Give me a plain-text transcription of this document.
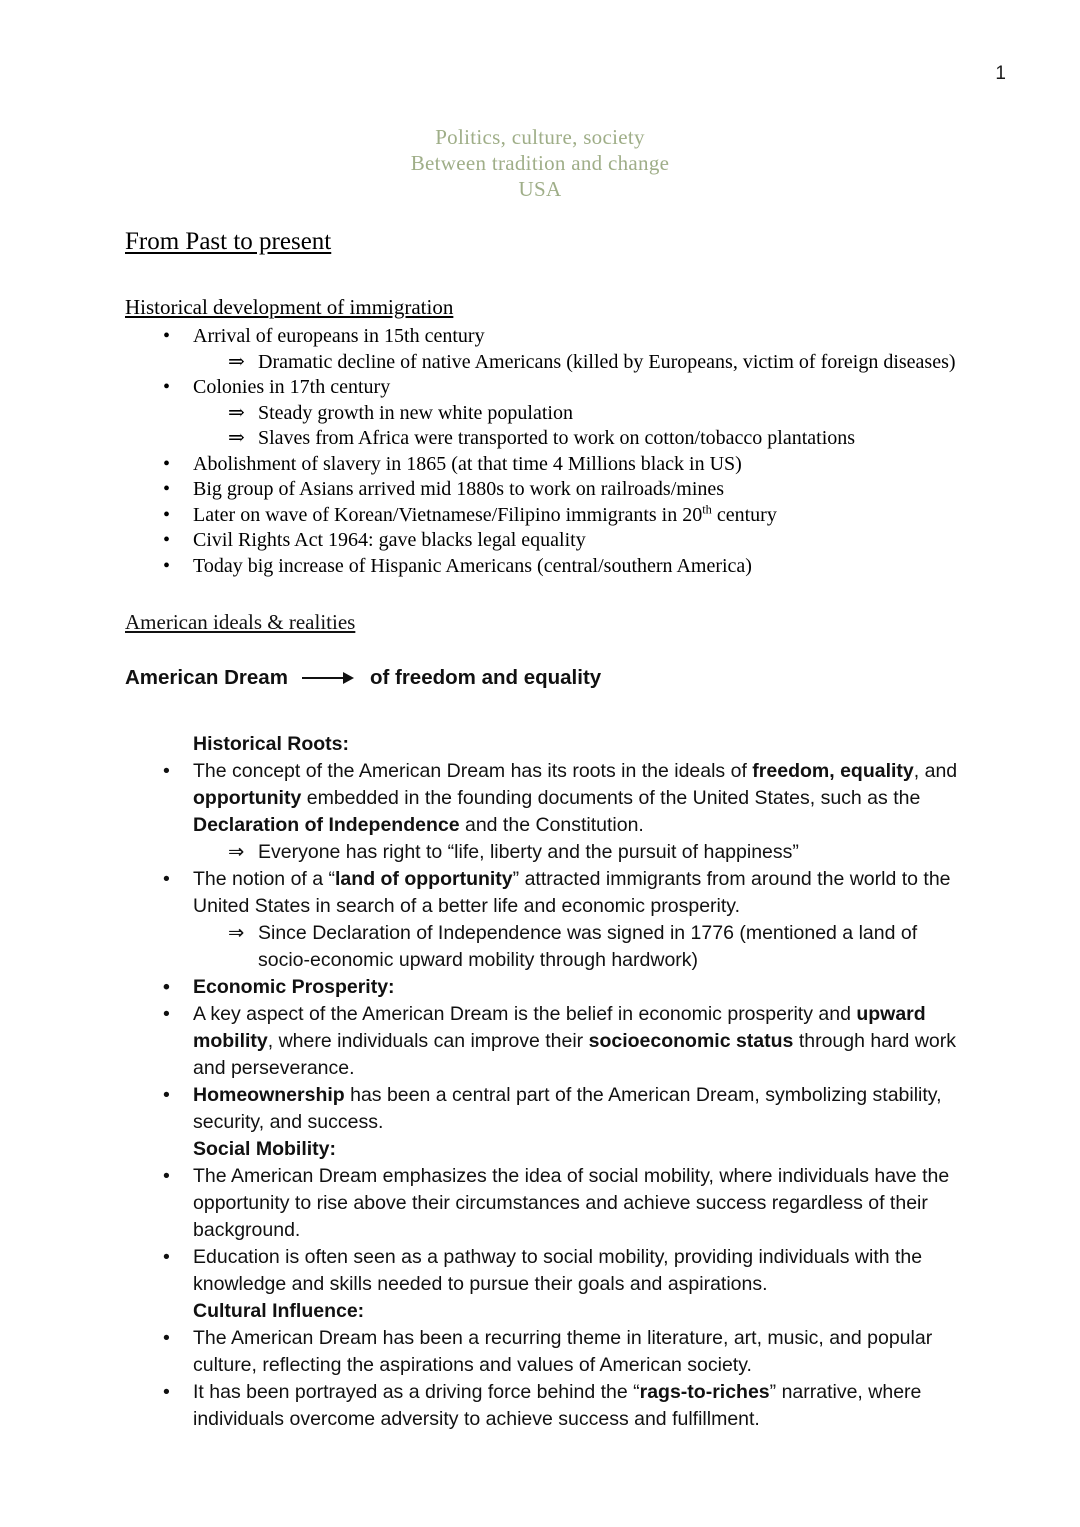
1
Politics, culture, society
Between tradition and change
USA
From Past to present
Historical development of immigration
• Arrival of europeans in 15th century
⇒ Dramatic decline of native Americans (killed by Europeans, victim of foreign diseases)
• Colonies in 17th century
⇒ Steady growth in new white population
⇒ Slaves from Africa were transported to work on cotton/tobacco plantations
• Abolishment of slavery in 1865 (at that time 4 Millions black in US)
• Big group of Asians arrived mid 1880s to work on railroads/mines
• Later on wave of Korean/Vietnamese/Filipino immigrants in 20th century
• Civil Rights Act 1964: gave blacks legal equality
• Today big increase of Hispanic Americans (central/southern America)
American ideals & realities
American Dream	of freedom and equality
Historical Roots:
• The concept of the American Dream has its roots in the ideals of freedom, equality, and opportunity embedded in the founding documents of the United States, such as the Declaration of Independence and the Constitution.
⇒ Everyone has right to “life, liberty and the pursuit of happiness”
• The notion of a “land of opportunity” attracted immigrants from around the world to the United States in search of a better life and economic prosperity.
⇒ Since Declaration of Independence was signed in 1776 (mentioned a land of socio-economic upward mobility through hardwork)
• Economic Prosperity:
• A key aspect of the American Dream is the belief in economic prosperity and upward mobility, where individuals can improve their socioeconomic status through hard work and perseverance.
• Homeownership has been a central part of the American Dream, symbolizing stability, security, and success.
Social Mobility:
• The American Dream emphasizes the idea of social mobility, where individuals have the opportunity to rise above their circumstances and achieve success regardless of their background.
• Education is often seen as a pathway to social mobility, providing individuals with the knowledge and skills needed to pursue their goals and aspirations.
Cultural Influence:
• The American Dream has been a recurring theme in literature, art, music, and popular culture, reflecting the aspirations and values of American society.
• It has been portrayed as a driving force behind the “rags-to-riches” narrative, where individuals overcome adversity to achieve success and fulfillment.
